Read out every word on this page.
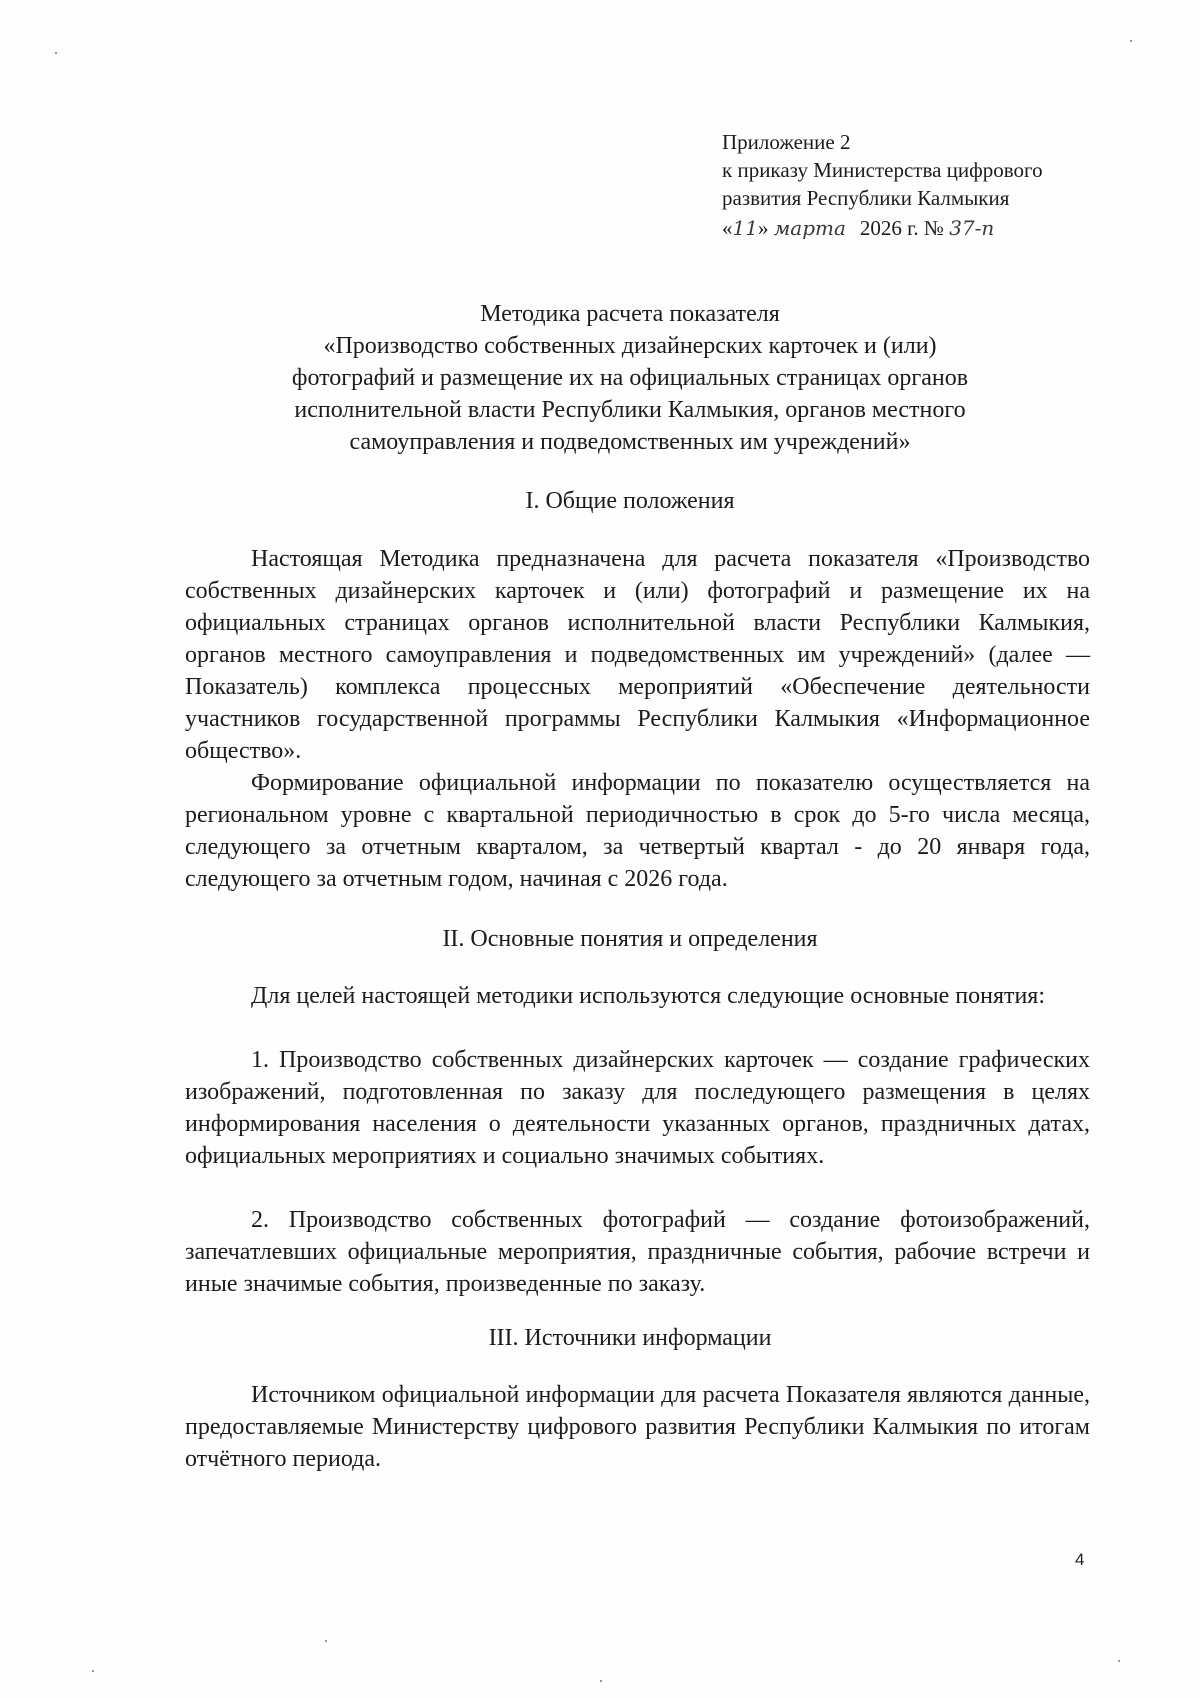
Приложение 2
к приказу Министерства цифрового
развития Республики Калмыкия
«11» марта 2026 г. № 37-п
Методика расчета показателя
«Производство собственных дизайнерских карточек и (или)
фотографий и размещение их на официальных страницах органов
исполнительной власти Республики Калмыкия, органов местного
самоуправления и подведомственных им учреждений»
I. Общие положения

Настоящая Методика предназначена для расчета показателя «Производство собственных дизайнерских карточек и (или) фотографий и размещение их на официальных страницах органов исполнительной власти Республики Калмыкия, органов местного самоуправления и подведомственных им учреждений» (далее — Показатель) комплекса процессных мероприятий «Обеспечение деятельности участников государственной программы Республики Калмыкия «Информационное общество».

Формирование официальной информации по показателю осуществляется на региональном уровне с квартальной периодичностью в срок до 5-го числа месяца, следующего за отчетным кварталом, за четвертый квартал - до 20 января года, следующего за отчетным годом, начиная с 2026 года.

II. Основные понятия и определения

Для целей настоящей методики используются следующие основные понятия:

1. Производство собственных дизайнерских карточек — создание графических изображений, подготовленная по заказу для последующего размещения в целях информирования населения о деятельности указанных органов, праздничных датах, официальных мероприятиях и социально значимых событиях.

2. Производство собственных фотографий — создание фотоизображений, запечатлевших официальные мероприятия, праздничные события, рабочие встречи и иные значимые события, произведенные по заказу.

III. Источники информации

Источником официальной информации для расчета Показателя являются данные, предоставляемые Министерству цифрового развития Республики Калмыкия по итогам отчётного периода.

4
